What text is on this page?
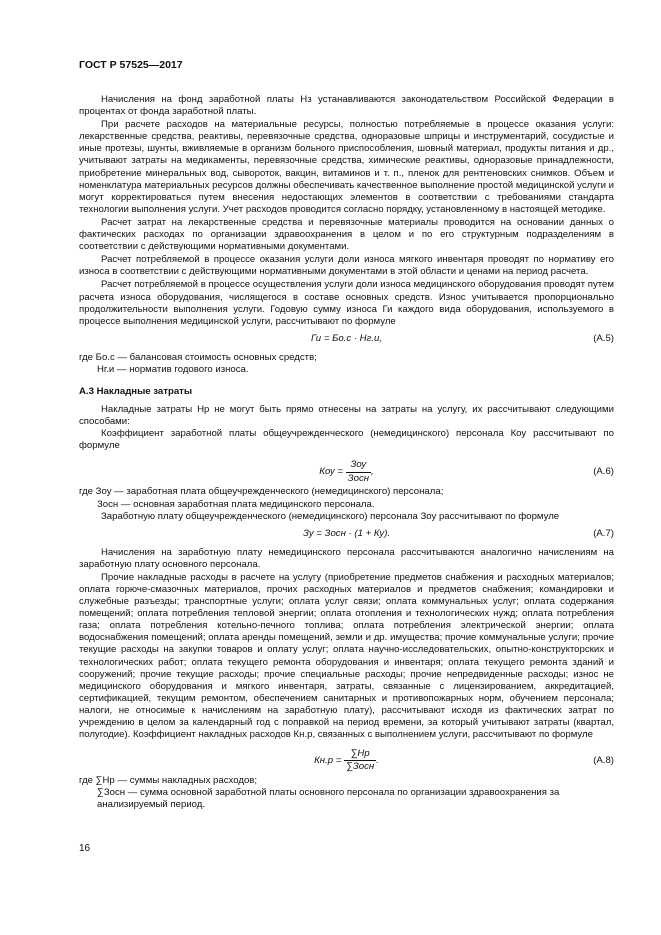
ГОСТ Р 57525—2017

Начисления на фонд заработной платы Hз устанавливаются законодательством Российской Федерации в процентах от фонда заработной платы.

При расчете расходов на материальные ресурсы, полностью потребляемые в процессе оказания услуги: лекарственные средства, реактивы, перевязочные средства, одноразовые шприцы и инструментарий, сосудистые и иные протезы, шунты, вживляемые в организм больного приспособления, шовный материал, продукты питания и др., учитывают затраты на медикаменты, перевязочные средства, химические реактивы, одноразовые принадлежности, приобретение минеральных вод, сывороток, вакцин, витаминов и т. п., пленок для рентгеновских снимков. Объем и номенклатура материальных ресурсов должны обеспечивать качественное выполнение простой медицинской услуги и могут корректироваться путем внесения недостающих элементов в соответствии с требованиями стандарта технологии выполнения услуги. Учет расходов проводится согласно порядку, установленному в настоящей методике.

Расчет затрат на лекарственные средства и перевязочные материалы проводится на основании данных о фактических расходах по организации здравоохранения в целом и по его структурным подразделениям в соответствии с действующими нормативными документами.

Расчет потребляемой в процессе оказания услуги доли износа мягкого инвентаря проводят по нормативу его износа в соответствии с действующими нормативными документами в этой области и ценами на период расчета.

Расчет потребляемой в процессе осуществления услуги доли износа медицинского оборудования проводят путем расчета износа оборудования, числящегося в составе основных средств. Износ учитывается пропорционально продолжительности выполнения услуги. Годовую сумму износа Ги каждого вида оборудования, используемого в процессе выполнения медицинской услуги, рассчитывают по формуле

Ги = Бо.с · Нг.и,	(А.5)

где Бо.с — балансовая стоимость основных средств;

Нг.и — норматив годового износа.

А.3 Накладные затраты

Накладные затраты Нр не могут быть прямо отнесены на затраты на услугу, их рассчитывают следующими способами:

Коэффициент заработной платы общеучрежденческого (немедицинского) персонала Коу рассчитывают по формуле

Коу = $\frac{\text{Зоу}}{\text{Зосн}}$ ,	(А.6)

где Зоу — заработная плата общеучрежденческого (немедицинского) персонала;

Зосн — основная заработная плата медицинского персонала.

Заработную плату общеучрежденческого (немедицинского) персонала Зоу рассчитывают по формуле

Зу = Зосн · (1 + Ку).	(А.7)

Начисления на заработную плату немедицинского персонала рассчитываются аналогично начислениям на заработную плату основного персонала.

Прочие накладные расходы в расчете на услугу (приобретение предметов снабжения и расходных материалов; оплата горюче-смазочных материалов, прочих расходных материалов и предметов снабжения; командировки и служебные разъезды; транспортные услуги; оплата услуг связи; оплата коммунальных услуг; оплата содержания помещений; оплата потребления тепловой энергии; оплата отопления и технологических нужд; оплата потребления газа; оплата потребления котельно-печного топлива; оплата потребления электрической энергии; оплата водоснабжения помещений; оплата аренды помещений, земли и др. имущества; прочие коммунальные услуги; прочие текущие расходы на закупки товаров и оплату услуг; оплата научно-исследовательских, опытно-конструкторских и технологических работ; оплата текущего ремонта оборудования и инвентаря; оплата текущего ремонта зданий и сооружений; прочие текущие расходы; прочие специальные расходы; прочие непредвиденные расходы; износ не медицинского оборудования и мягкого инвентаря, затраты, связанные с лицензированием, аккредитацией, сертификацией, текущим ремонтом, обеспечением санитарных и противопожарных норм, обучением персонала; налоги, не относимые к начислениям на заработную плату), рассчитывают исходя из фактических затрат по учреждению в целом за календарный год с поправкой на период времени, за который учитывают затраты (квартал, полугодие). Коэффициент накладных расходов Кн.р, связанных с выполнением услуги, рассчитывают по формуле

$Кн.р = \frac{\sum Нр}{\text{∑Зосн}}$ .	(А.8)

где ∑Нр — суммы накладных расходов;

∑Зосн — сумма основной заработной платы основного персонала по организации здравоохранения за анализируемый период.

16
